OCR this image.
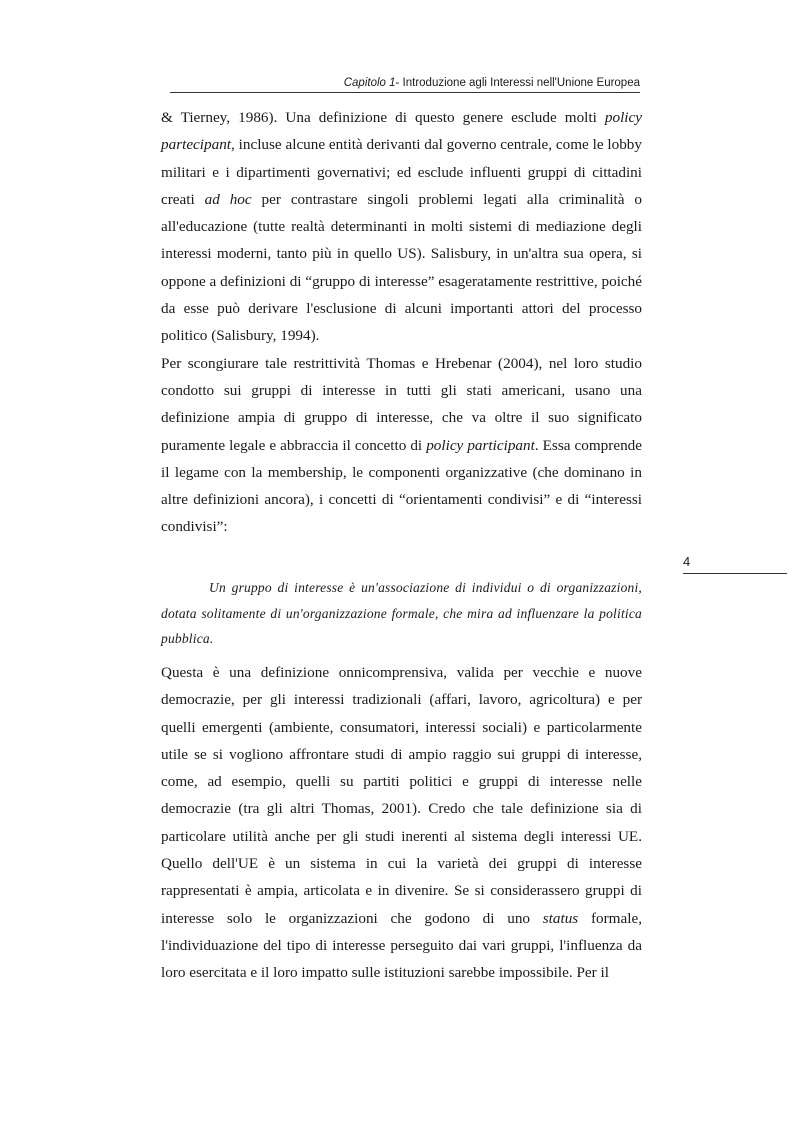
Capitolo 1- Introduzione agli Interessi nell'Unione Europea
4

& Tierney, 1986). Una definizione di questo genere esclude molti policy partecipant, incluse alcune entità derivanti dal governo centrale, come le lobby militari e i dipartimenti governativi; ed esclude influenti gruppi di cittadini creati ad hoc per contrastare singoli problemi legati alla criminalità o all'educazione (tutte realtà determinanti in molti sistemi di mediazione degli interessi moderni, tanto più in quello US). Salisbury, in un'altra sua opera, si oppone a definizioni di “gruppo di interesse” esageratamente restrittive, poiché da esse può derivare l'esclusione di alcuni importanti attori del processo politico (Salisbury, 1994).

Per scongiurare tale restrittività Thomas e Hrebenar (2004), nel loro studio condotto sui gruppi di interesse in tutti gli stati americani, usano una definizione ampia di gruppo di interesse, che va oltre il suo significato puramente legale e abbraccia il concetto di policy participant. Essa comprende il legame con la membership, le componenti organizzative (che dominano in altre definizioni ancora), i concetti di “orientamenti condivisi” e di “interessi condivisi”:

Un gruppo di interesse è un'associazione di individui o di organizzazioni, dotata solitamente di un'organizzazione formale, che mira ad influenzare la politica pubblica.

Questa è una definizione onnicomprensiva, valida per vecchie e nuove democrazie, per gli interessi tradizionali (affari, lavoro, agricoltura) e per quelli emergenti (ambiente, consumatori, interessi sociali) e particolarmente utile se si vogliono affrontare studi di ampio raggio sui gruppi di interesse, come, ad esempio, quelli su partiti politici e gruppi di interesse nelle democrazie (tra gli altri Thomas, 2001). Credo che tale definizione sia di particolare utilità anche per gli studi inerenti al sistema degli interessi UE. Quello dell'UE è un sistema in cui la varietà dei gruppi di interesse rappresentati è ampia, articolata e in divenire. Se si considerassero gruppi di interesse solo le organizzazioni che godono di uno status formale, l'individuazione del tipo di interesse perseguito dai vari gruppi, l'influenza da loro esercitata e il loro impatto sulle istituzioni sarebbe impossibile. Per il
